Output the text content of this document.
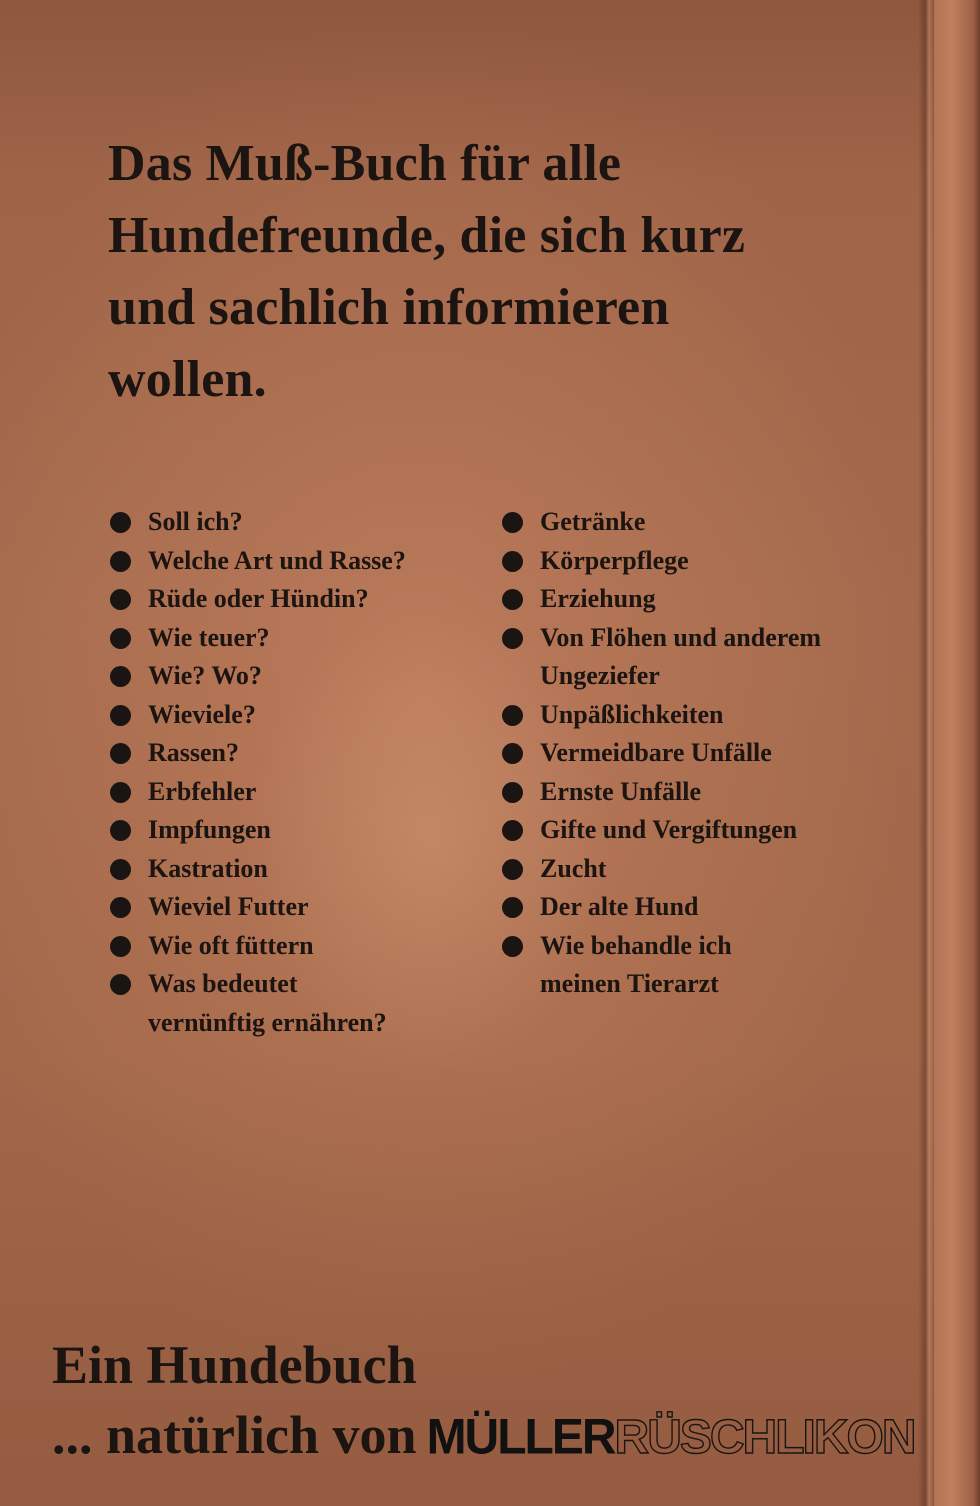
Das Muß-Buch für alle
Hundefreunde, die sich kurz
und sachlich informieren
wollen.
Soll ich?
Welche Art und Rasse?
Rüde oder Hündin?
Wie teuer?
Wie? Wo?
Wieviele?
Rassen?
Erbfehler
Impfungen
Kastration
Wieviel Futter
Wie oft füttern
Was bedeutet
vernünftig ernähren?
Getränke
Körperpflege
Erziehung
Von Flöhen und anderem
Ungeziefer
Unpäßlichkeiten
Vermeidbare Unfälle
Ernste Unfälle
Gifte und Vergiftungen
Zucht
Der alte Hund
Wie behandle ich
meinen Tierarzt

Ein Hundebuch

... natürlich von MÜLLERRÜSCHLIKON
